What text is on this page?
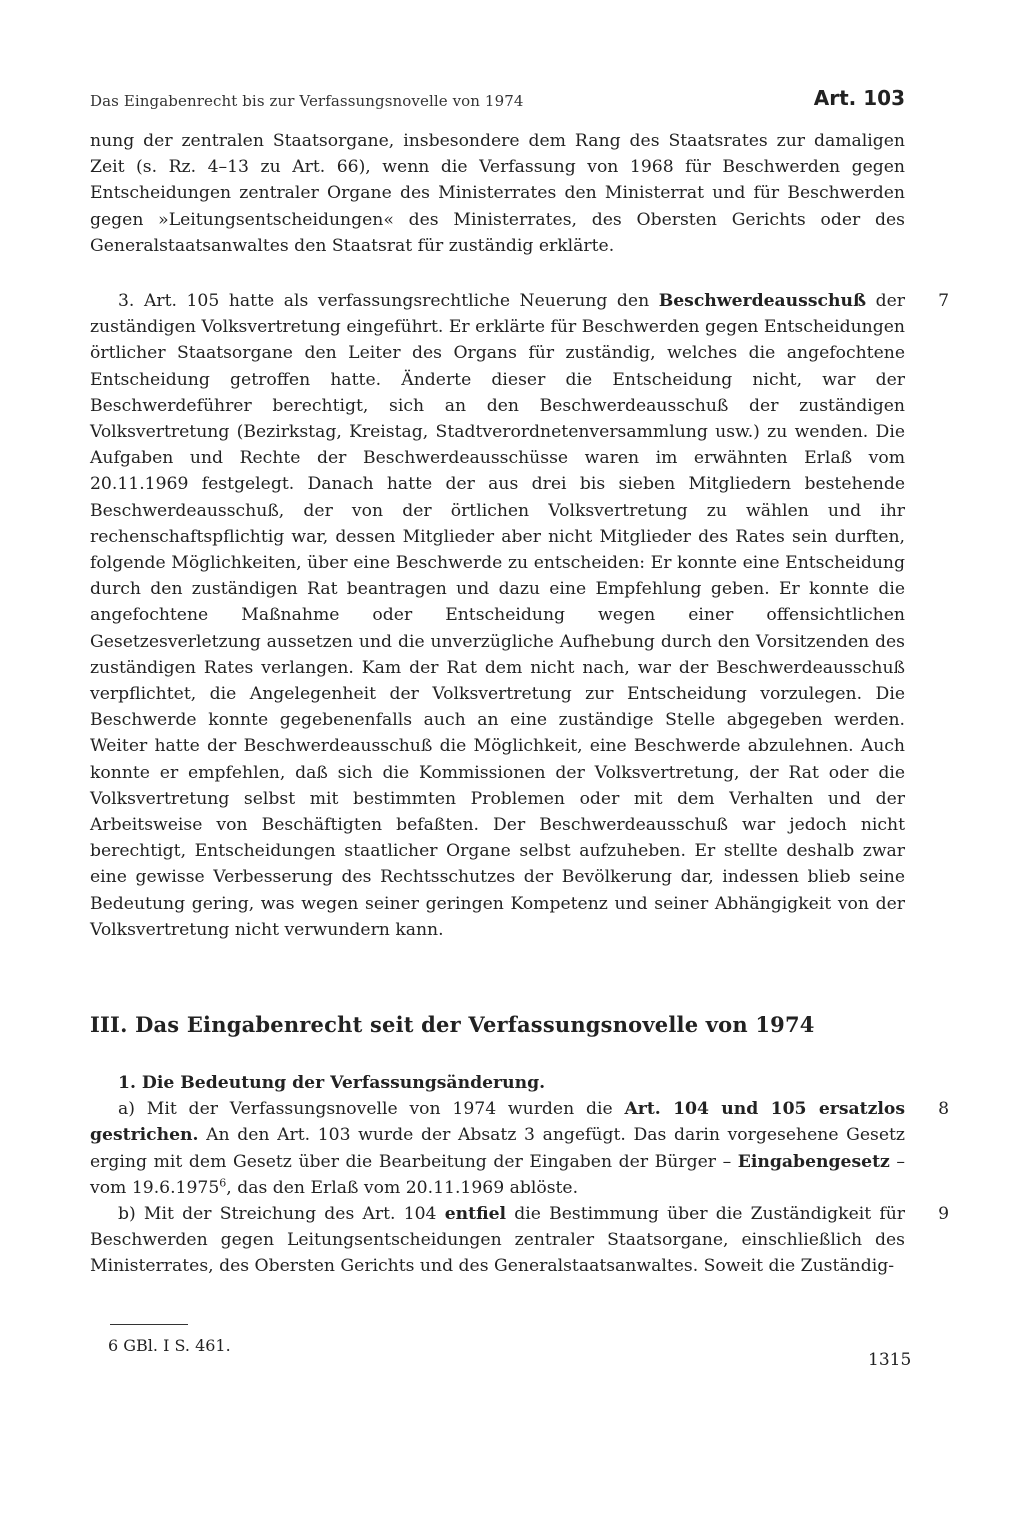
Das Eingabenrecht bis zur Verfassungsnovelle von 1974	Art. 103

nung der zentralen Staatsorgane, insbesondere dem Rang des Staatsrates zur damaligen Zeit (s. Rz. 4–13 zu Art. 66), wenn die Verfassung von 1968 für Beschwerden gegen Entscheidungen zentraler Organe des Ministerrates den Ministerrat und für Beschwerden gegen »Leitungsentscheidungen« des Ministerrates, des Obersten Gerichts oder des Generalstaatsanwaltes den Staatsrat für zuständig erklärte.

7

3. Art. 105 hatte als verfassungsrechtliche Neuerung den Beschwerdeausschuß der zuständigen Volksvertretung eingeführt. Er erklärte für Beschwerden gegen Entscheidungen örtlicher Staatsorgane den Leiter des Organs für zuständig, welches die angefochtene Entscheidung getroffen hatte. Änderte dieser die Entscheidung nicht, war der Beschwerdeführer berechtigt, sich an den Beschwerdeausschuß der zuständigen Volksvertretung (Bezirkstag, Kreistag, Stadtverordnetenversammlung usw.) zu wenden. Die Aufgaben und Rechte der Beschwerdeausschüsse waren im erwähnten Erlaß vom 20.11.1969 festgelegt. Danach hatte der aus drei bis sieben Mitgliedern bestehende Beschwerdeausschuß, der von der örtlichen Volksvertretung zu wählen und ihr rechenschaftspflichtig war, dessen Mitglieder aber nicht Mitglieder des Rates sein durften, folgende Möglichkeiten, über eine Beschwerde zu entscheiden: Er konnte eine Entscheidung durch den zuständigen Rat beantragen und dazu eine Empfehlung geben. Er konnte die angefochtene Maßnahme oder Entscheidung wegen einer offensichtlichen Gesetzesverletzung aussetzen und die unverzügliche Aufhebung durch den Vorsitzenden des zuständigen Rates verlangen. Kam der Rat dem nicht nach, war der Beschwerdeausschuß verpflichtet, die Angelegenheit der Volksvertretung zur Entscheidung vorzulegen. Die Beschwerde konnte gegebenenfalls auch an eine zuständige Stelle abgegeben werden. Weiter hatte der Beschwerdeausschuß die Möglichkeit, eine Beschwerde abzulehnen. Auch konnte er empfehlen, daß sich die Kommissionen der Volksvertretung, der Rat oder die Volksvertretung selbst mit bestimmten Problemen oder mit dem Verhalten und der Arbeitsweise von Beschäftigten befaßten. Der Beschwerdeausschuß war jedoch nicht berechtigt, Entscheidungen staatlicher Organe selbst aufzuheben. Er stellte deshalb zwar eine gewisse Verbesserung des Rechtsschutzes der Bevölkerung dar, indessen blieb seine Bedeutung gering, was wegen seiner geringen Kompetenz und seiner Abhängigkeit von der Volksvertretung nicht verwundern kann.

III. Das Eingabenrecht seit der Verfassungsnovelle von 1974

1. Die Bedeutung der Verfassungsänderung.

8

a) Mit der Verfassungsnovelle von 1974 wurden die Art. 104 und 105 ersatzlos gestrichen. An den Art. 103 wurde der Absatz 3 angefügt. Das darin vorgesehene Gesetz erging mit dem Gesetz über die Bearbeitung der Eingaben der Bürger – Eingabengesetz – vom 19.6.1975$^6$, das den Erlaß vom 20.11.1969 ablöste.

9

b) Mit der Streichung des Art. 104 entfiel die Bestimmung über die Zuständigkeit für Beschwerden gegen Leitungsentscheidungen zentraler Staatsorgane, einschließlich des Ministerrates, des Obersten Gerichts und des Generalstaatsanwaltes. Soweit die Zuständig-

6 GBl. I S. 461.
1315
